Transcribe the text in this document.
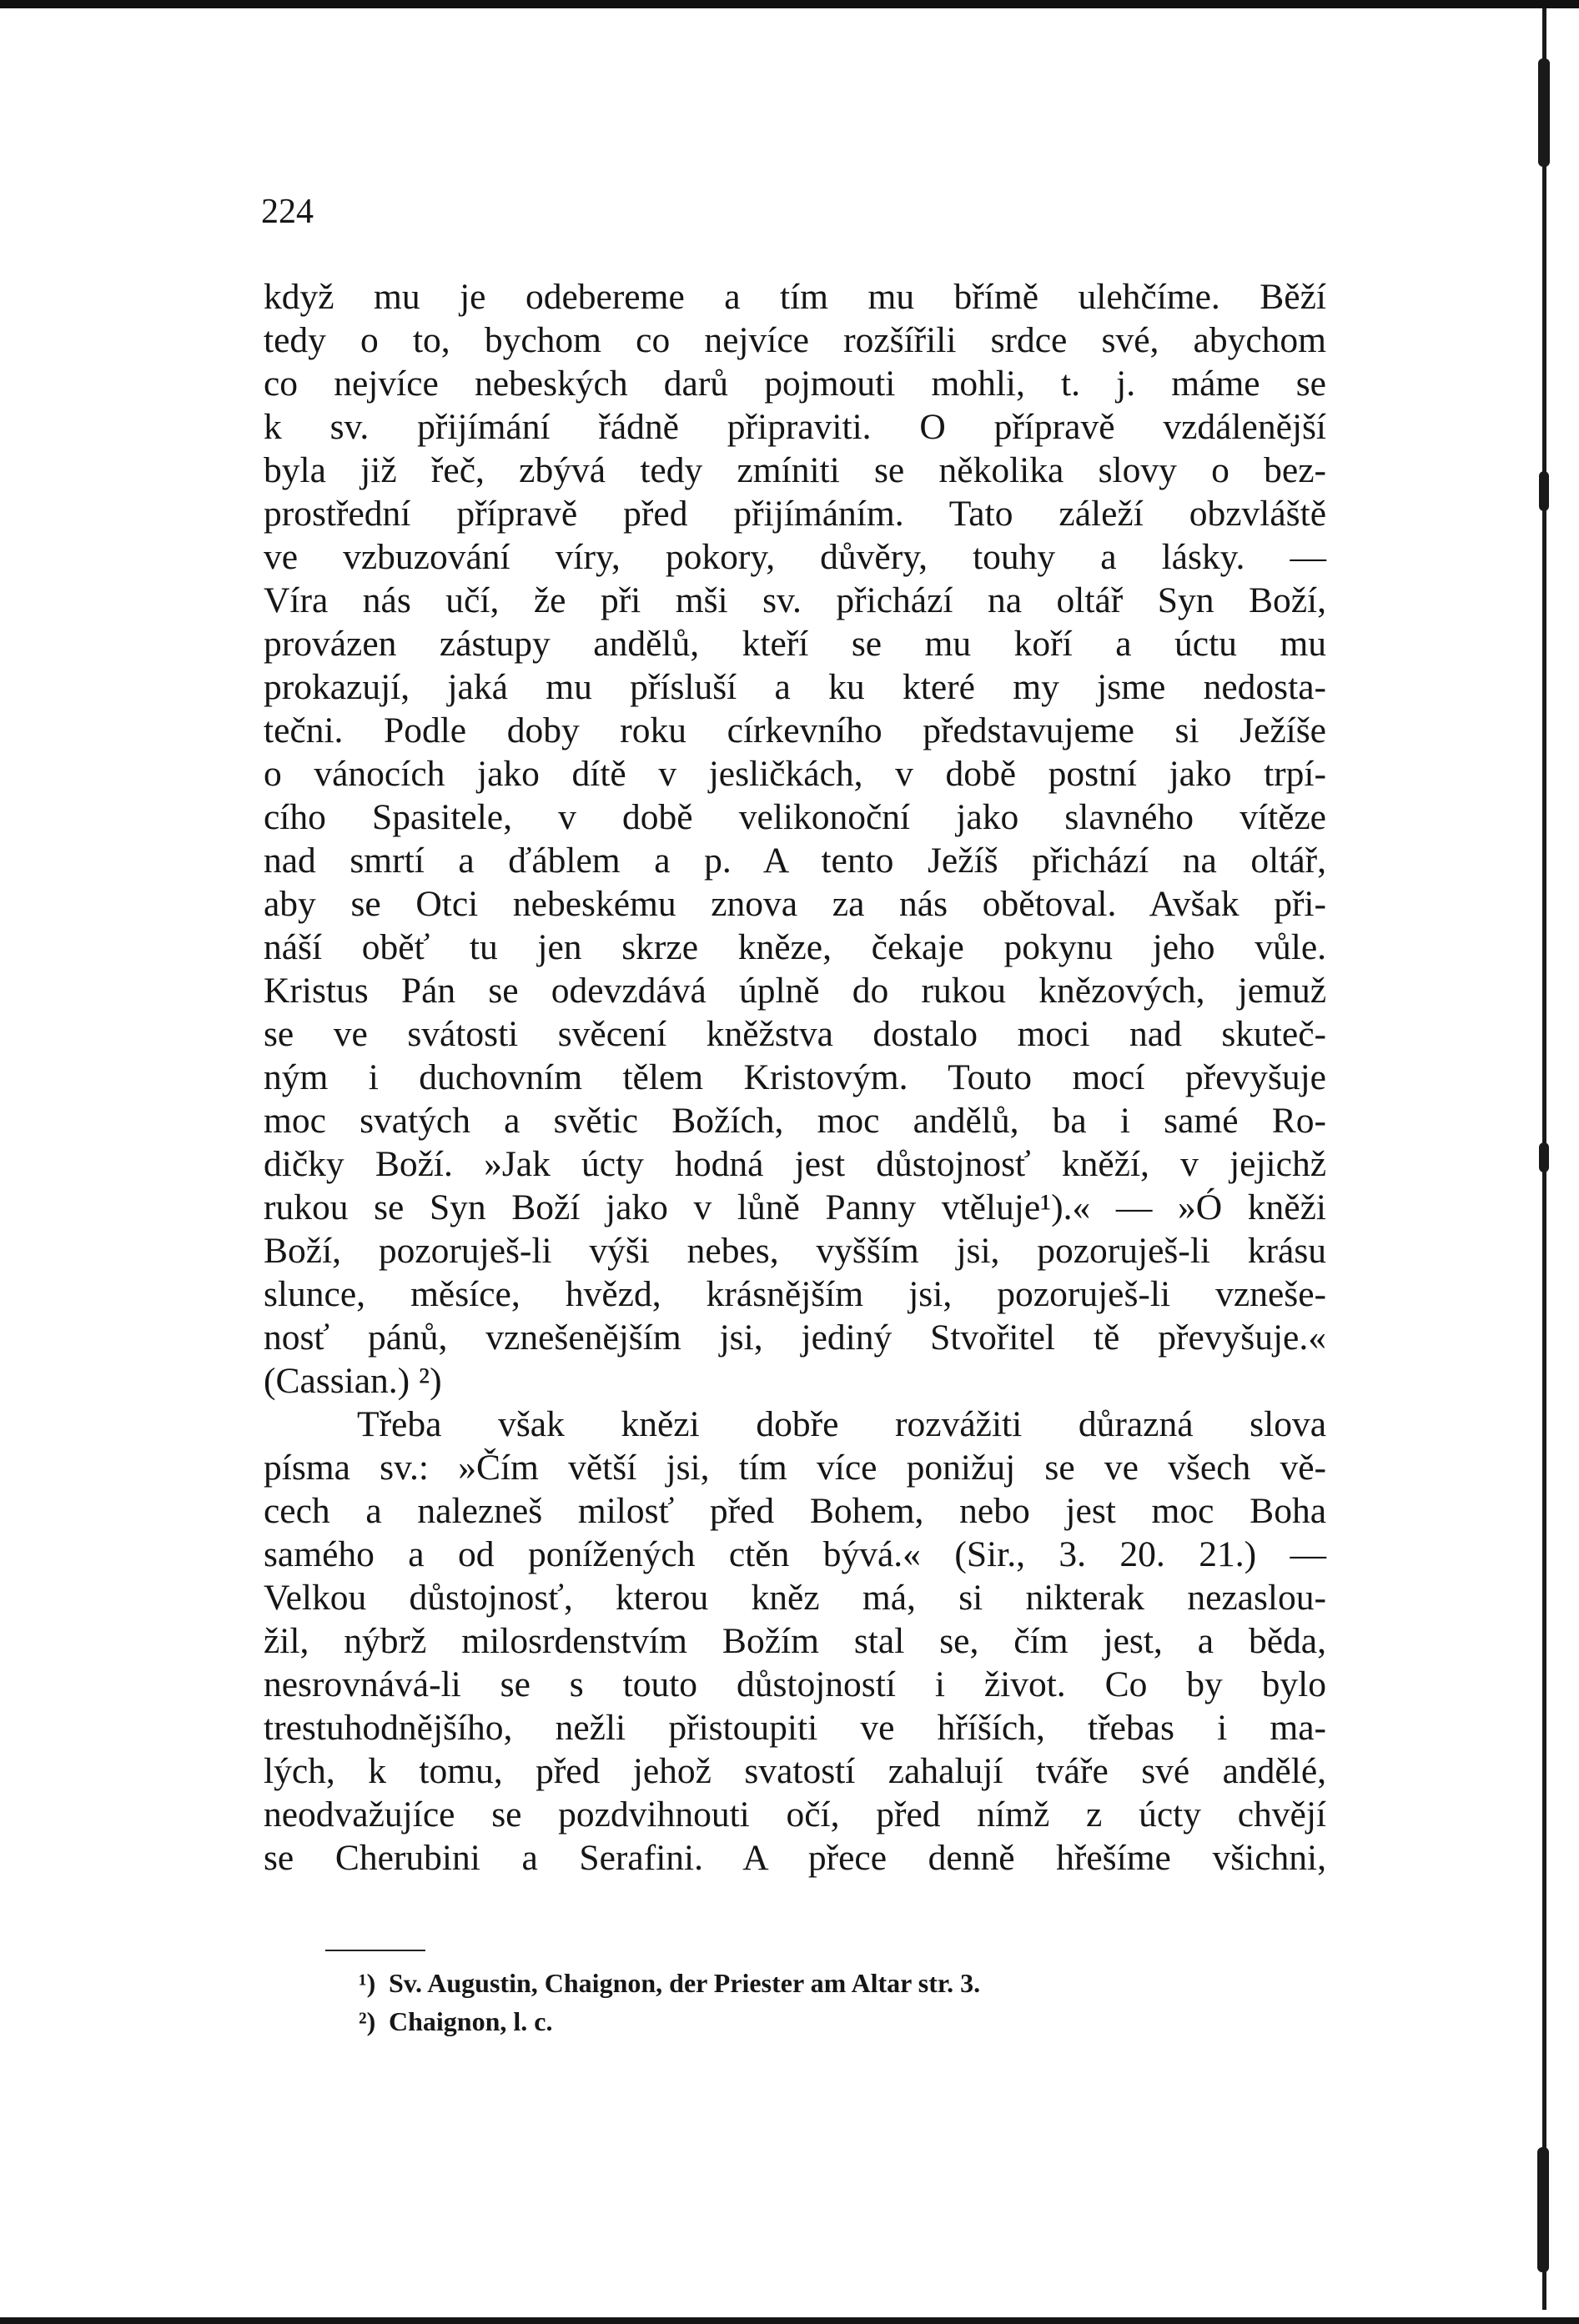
224
když mu je odebereme a tím mu břímě ulehčíme. Běží
tedy o to, bychom co nejvíce rozšířili srdce své, abychom
co nejvíce nebeských darů pojmouti mohli, t. j. máme se
k sv. přijímání řádně připraviti. O přípravě vzdálenější
byla již řeč, zbývá tedy zmíniti se několika slovy o bez-
prostřední přípravě před přijímáním. Tato záleží obzvláště
ve vzbuzování víry, pokory, důvěry, touhy a lásky. —
Víra nás učí, že při mši sv. přichází na oltář Syn Boží,
provázen zástupy andělů, kteří se mu koří a úctu mu
prokazují, jaká mu přísluší a ku které my jsme nedosta-
tečni. Podle doby roku církevního představujeme si Ježíše
o vánocích jako dítě v jesličkách, v době postní jako trpí-
cího Spasitele, v době velikonoční jako slavného vítěze
nad smrtí a ďáblem a p. A tento Ježíš přichází na oltář,
aby se Otci nebeskému znova za nás obětoval. Avšak při-
náší oběť tu jen skrze kněze, čekaje pokynu jeho vůle.
Kristus Pán se odevzdává úplně do rukou knězových, jemuž
se ve svátosti svěcení kněžstva dostalo moci nad skuteč-
ným i duchovním tělem Kristovým. Touto mocí převyšuje
moc svatých a světic Božích, moc andělů, ba i samé Ro-
dičky Boží. »Jak úcty hodná jest důstojnosť kněží, v jejichž
rukou se Syn Boží jako v lůně Panny vtěluje¹).« — »Ó kněži
Boží, pozoruješ-li výši nebes, vyšším jsi, pozoruješ-li krásu
slunce, měsíce, hvězd, krásnějším jsi, pozoruješ-li vzneše-
nosť pánů, vznešenějším jsi, jediný Stvořitel tě převyšuje.«
(Cassian.) ²)
Třeba však knězi dobře rozvážiti důrazná slova
písma sv.: »Čím větší jsi, tím více ponižuj se ve všech vě-
cech a nalezneš milosť před Bohem, nebo jest moc Boha
samého a od ponížených ctěn bývá.« (Sir., 3. 20. 21.) —
Velkou důstojnosť, kterou kněz má, si nikterak nezaslou-
žil, nýbrž milosrdenstvím Božím stal se, čím jest, a běda,
nesrovnává-li se s touto důstojností i život. Co by bylo
trestuhodnějšího, nežli přistoupiti ve hříších, třebas i ma-
lých, k tomu, před jehož svatostí zahalují tváře své andělé,
neodvažujíce se pozdvihnouti očí, před nímž z úcty chvějí
se Cherubini a Serafini. A přece denně hřešíme všichni,
¹) Sv. Augustin, Chaignon, der Priester am Altar str. 3.
²) Chaignon, l. c.
